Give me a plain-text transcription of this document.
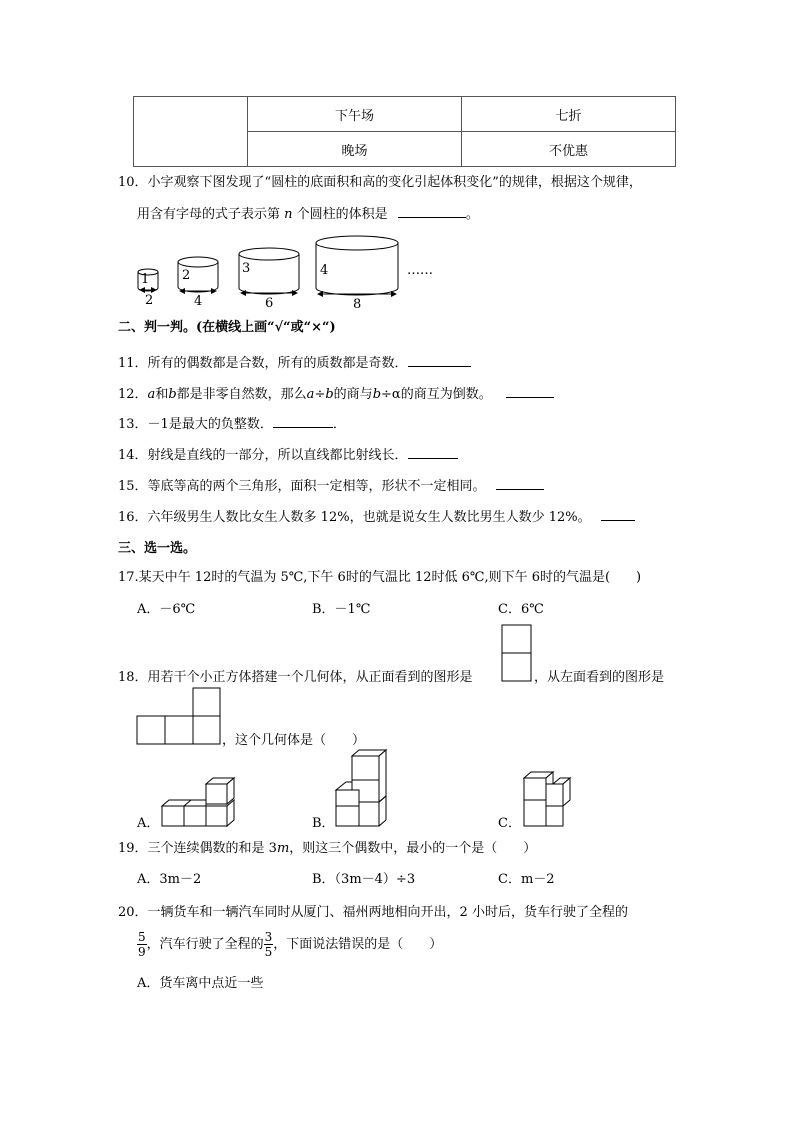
	下午场	七折
	晚场	不优惠
10．小字观察下图发现了“圆柱的底面积和高的变化引起体积变化”的规律，根据这个规律，
用含有字母的式子表示第 n 个圆柱的体积是	。
1
2
2
4
3
6
4
8
……
二、判一判。(在横线上画“√“或“×“)
11．所有的偶数都是合数，所有的质数都是奇数．
12．a和b都是非零自然数，那么a÷b的商与b÷α的商互为倒数。
13．－1是最大的负整数．	．
14．射线是直线的一部分，所以直线都比射线长．
15．等底等高的两个三角形，面积一定相等，形状不一定相同。
16．六年级男生人数比女生人数多 12%，也就是说女生人数比男生人数少 12%。
三、选一选。
17.某天中午 12时的气温为 5℃,下午 6时的气温比 12时低 6℃,则下午 6时的气温是(　　)
A．－6℃	B．－1℃	C．6℃
18．用若干个小正方体搭建一个几何体，从正面看到的图形是	，从左面看到的图形是
，这个几何体是（　　）
A．	B．	C．
19．三个连续偶数的和是 3m，则这三个偶数中，最小的一个是（　　）
A．3m－2	B．（3m－4）÷3	C．m－2
20．一辆货车和一辆汽车同时从厦门、福州两地相向开出，2 小时后，货车行驶了全程的
$\frac{5}{9}$ ，汽车行驶了全程的 $\frac{3}{5}$ ，下面说法错误的是（　　）
A．货车离中点近一些
